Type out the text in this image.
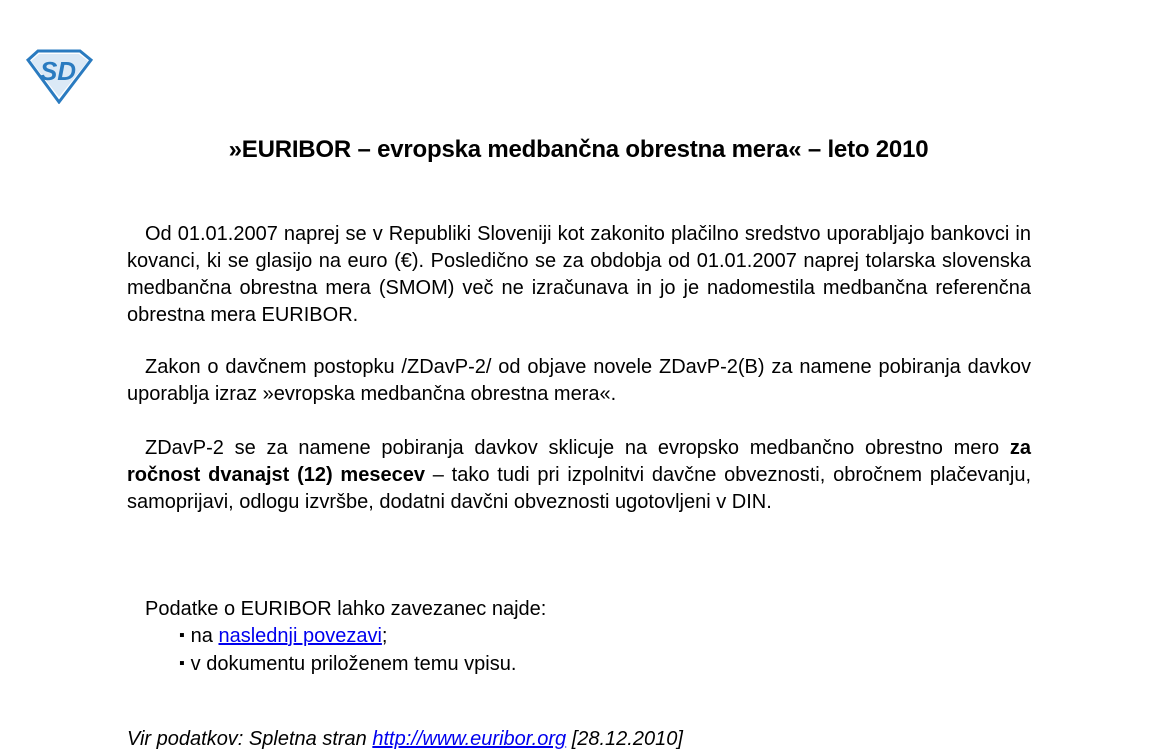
SD
»EURIBOR – evropska medbančna obrestna mera« – leto 2010
Od 01.01.2007 naprej se v Republiki Sloveniji kot zakonito plačilno sredstvo uporabljajo bankovci in kovanci, ki se glasijo na euro (€). Posledično se za obdobja od 01.01.2007 naprej tolarska slovenska medbančna obrestna mera (SMOM) več ne izračunava in jo je nadomestila medbančna referenčna obrestna mera EURIBOR.
Zakon o davčnem postopku /ZDavP-2/ od objave novele ZDavP-2(B) za namene pobiranja davkov uporablja izraz »evropska medbančna obrestna mera«.
ZDavP-2 se za namene pobiranja davkov sklicuje na evropsko medbančno obrestno mero za ročnost dvanajst (12) mesecev – tako tudi pri izpolnitvi davčne obveznosti, obročnem plačevanju, samoprijavi, odlogu izvršbe, dodatni davčni obveznosti ugotovljeni v DIN.
Podatke o EURIBOR lahko zavezanec najde:
▪ na naslednji povezavi;
▪ v dokumentu priloženem temu vpisu.
Vir podatkov: Spletna stran http://www.euribor.org [28.12.2010]
